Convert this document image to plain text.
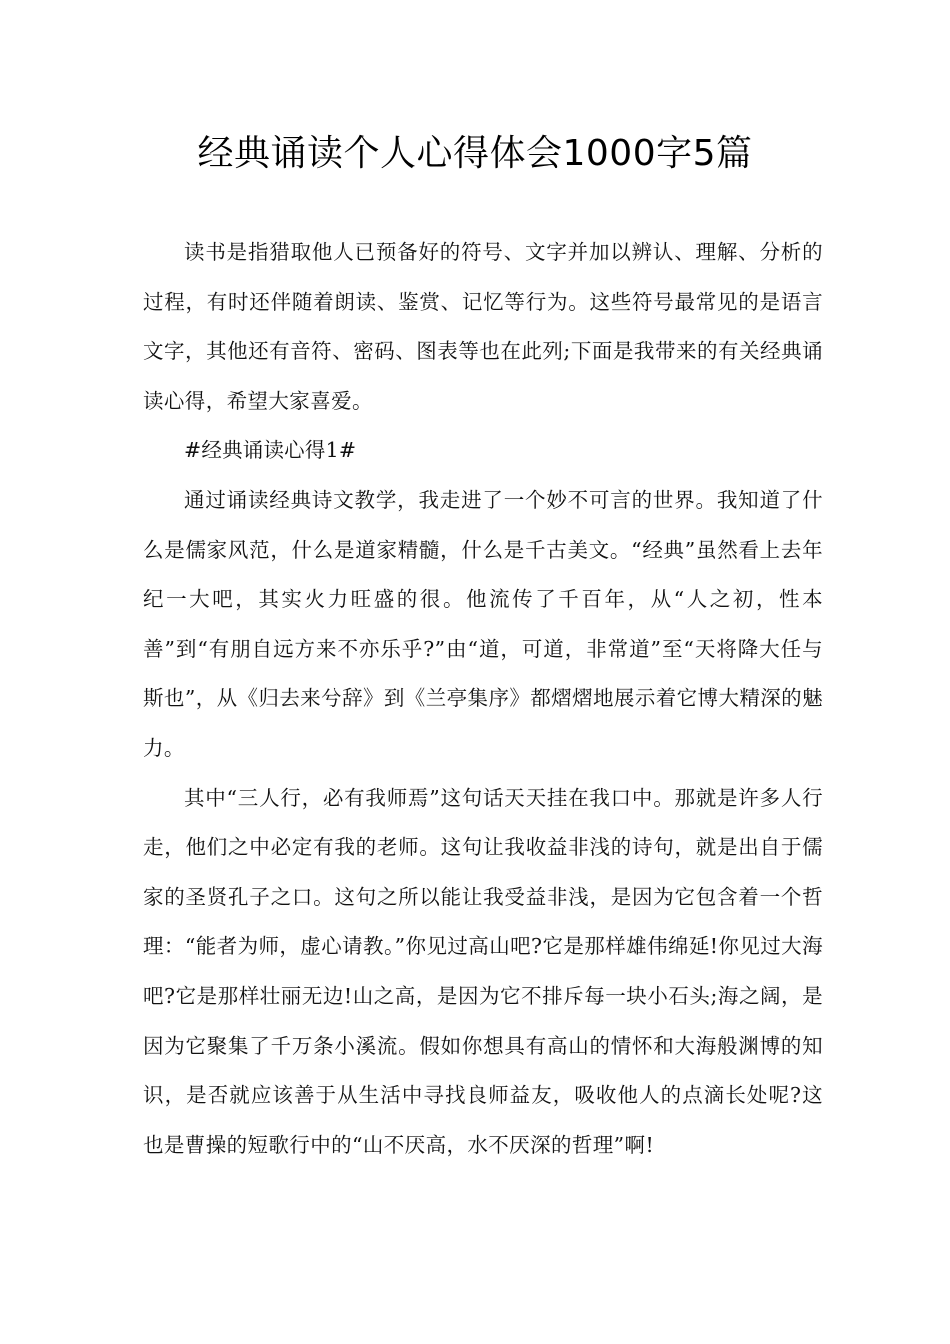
经典诵读个人心得体会1000字5篇

读书是指猎取他人已预备好的符号、文字并加以辨认、理解、分析的过程，有时还伴随着朗读、鉴赏、记忆等行为。这些符号最常见的是语言文字，其他还有音符、密码、图表等也在此列;下面是我带来的有关经典诵读心得，希望大家喜爱。

#经典诵读心得1#

通过诵读经典诗文教学，我走进了一个妙不可言的世界。我知道了什么是儒家风范，什么是道家精髓，什么是千古美文。“经典”虽然看上去年纪一大吧，其实火力旺盛的很。他流传了千百年，从“人之初，性本善”到“有朋自远方来不亦乐乎?”由“道，可道，非常道”至“天将降大任与斯也”，从《归去来兮辞》到《兰亭集序》都熠熠地展示着它博大精深的魅力。

其中“三人行，必有我师焉”这句话天天挂在我口中。那就是许多人行走，他们之中必定有我的老师。这句让我收益非浅的诗句，就是出自于儒家的圣贤孔子之口。这句之所以能让我受益非浅，是因为它包含着一个哲理：“能者为师，虚心请教。”你见过高山吧?它是那样雄伟绵延!你见过大海吧?它是那样壮丽无边!山之高，是因为它不排斥每一块小石头;海之阔，是因为它聚集了千万条小溪流。假如你想具有高山的情怀和大海般渊博的知识，是否就应该善于从生活中寻找良师益友，吸收他人的点滴长处呢?这也是曹操的短歌行中的“山不厌高，水不厌深的哲理”啊!
